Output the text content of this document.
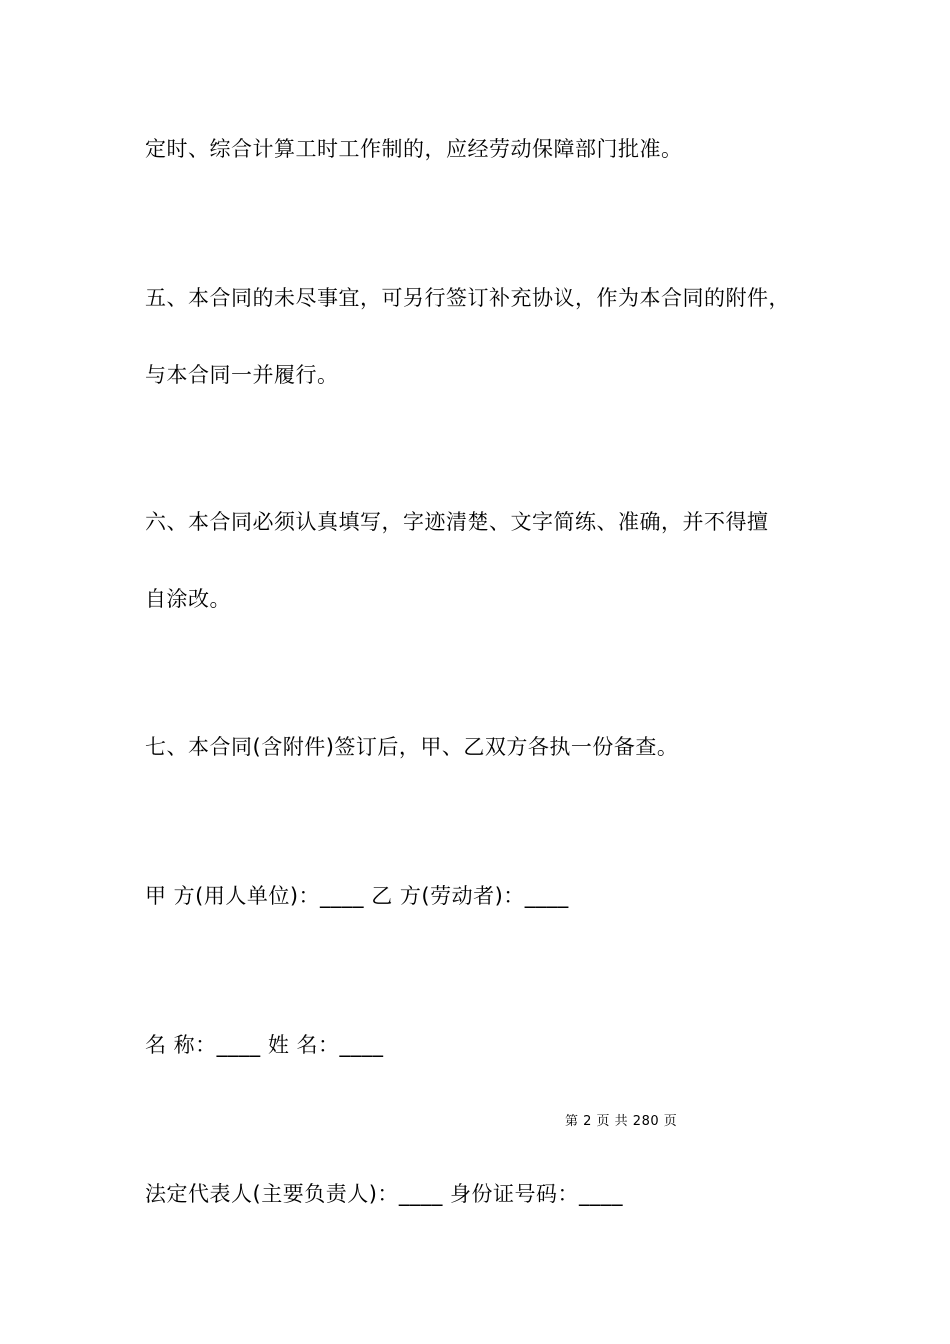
定时、综合计算工时工作制的，应经劳动保障部门批准。
五、本合同的未尽事宜，可另行签订补充协议，作为本合同的附件，
与本合同一并履行。
六、本合同必须认真填写，字迹清楚、文字简练、准确，并不得擅
自涂改。
七、本合同(含附件)签订后，甲、乙双方各执一份备查。
甲 方(用人单位)：____ 乙 方(劳动者)：____
名 称：____ 姓 名：____
第 2 页 共 280 页
法定代表人(主要负责人)：____ 身份证号码：____
